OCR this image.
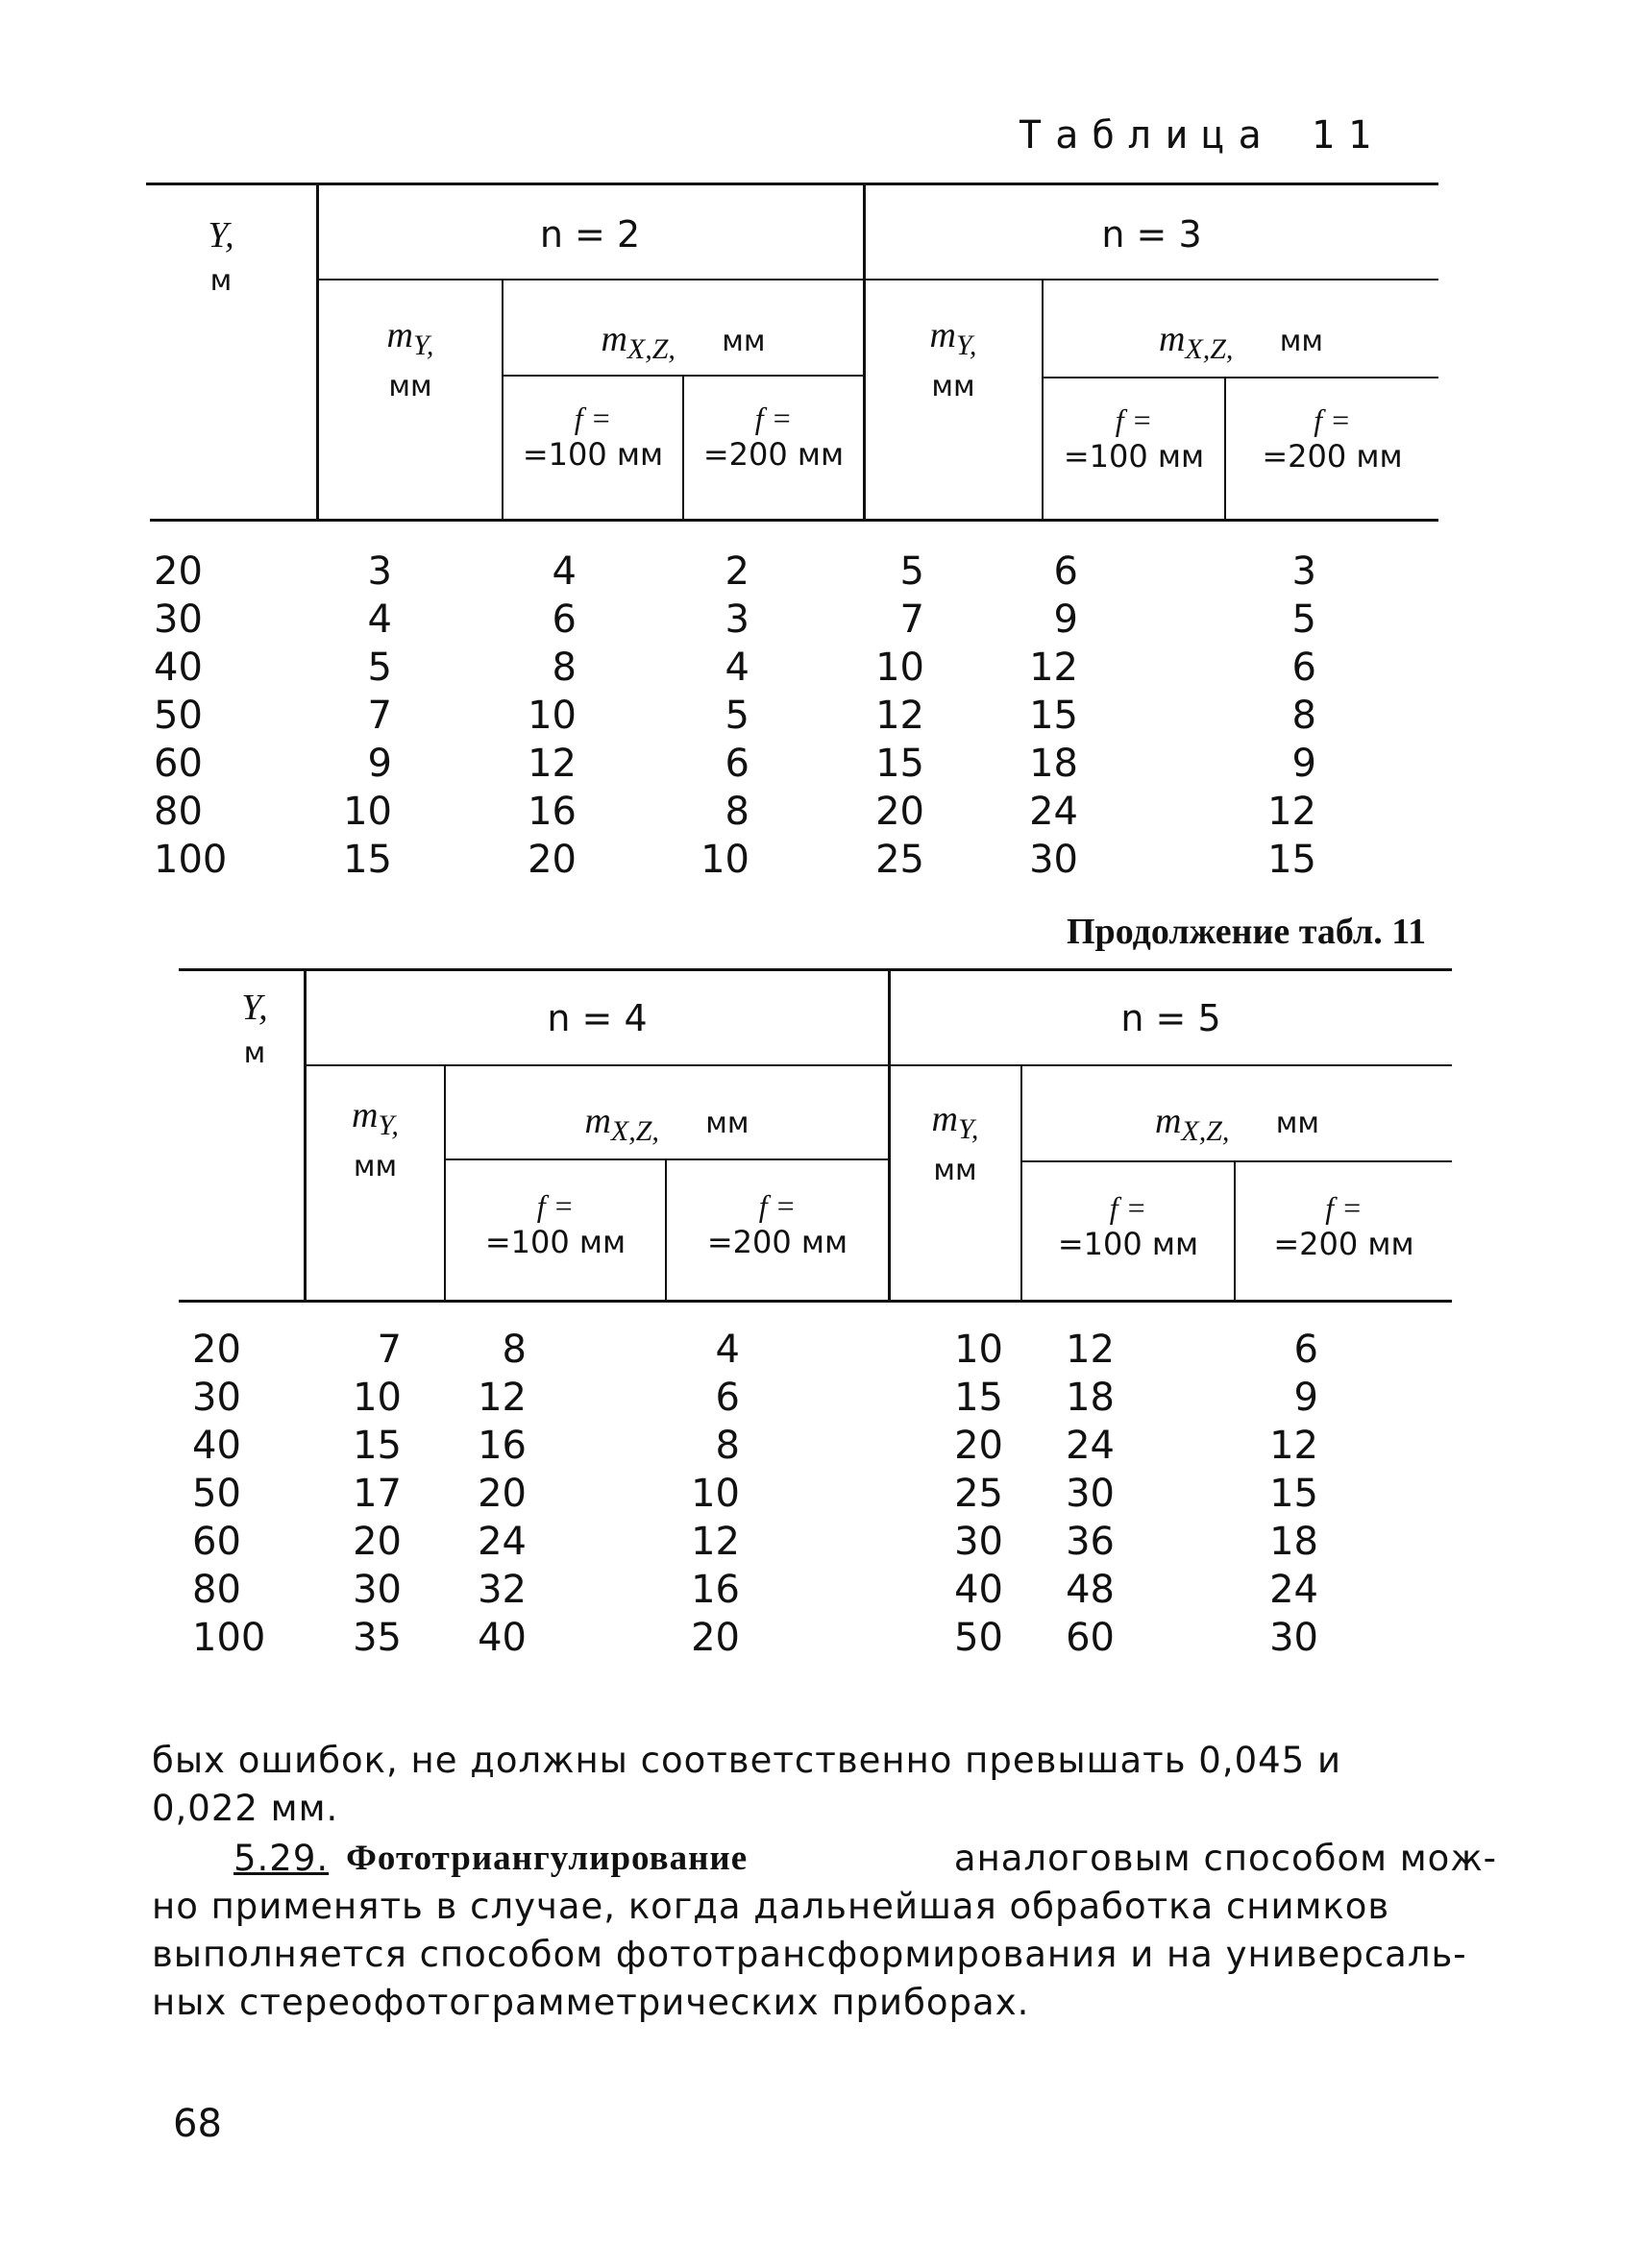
Таблица 11
Y,
м
n = 2	n = 3
$m_{Y,}$
мм
$m_{X,Z,}$ мм
f =
=100 мм
f =
=200 мм
$m_{Y,}$
мм
$m_{X,Z,}$ мм
f =
=100 мм
f =
=200 мм
20	3	4	2	5	6	3
30	4	6	3	7	9	5
40	5	8	4	10	12	6
50	7	10	5	12	15	8
60	9	12	6	15	18	9
80	10	16	8	20	24	12
100	15	20	10	25	30	15
Продолжение табл. 11
Y,
м
n = 4	n = 5
$m_{Y,}$
мм
$m_{X,Z,}$ мм
f =
=100 мм
f =
=200 мм
$m_{Y,}$
мм
$m_{X,Z,}$ мм
f =
=100 мм
f =
=200 мм
20	7	8	4	10	12	6
30	10	12	6	15	18	9
40	15	16	8	20	24	12
50	17	20	10	25	30	15
60	20	24	12	30	36	18
80	30	32	16	40	48	24
100	35	40	20	50	60	30
бых ошибок, не должны соответственно превышать 0,045 и
0,022 мм.
5.29. Фототриангулирование	аналоговым способом мож-
но применять в случае, когда дальнейшая обработка снимков
выполняется способом фототрансформирования и на универсаль-
ных стереофотограмметрических приборах.
68
